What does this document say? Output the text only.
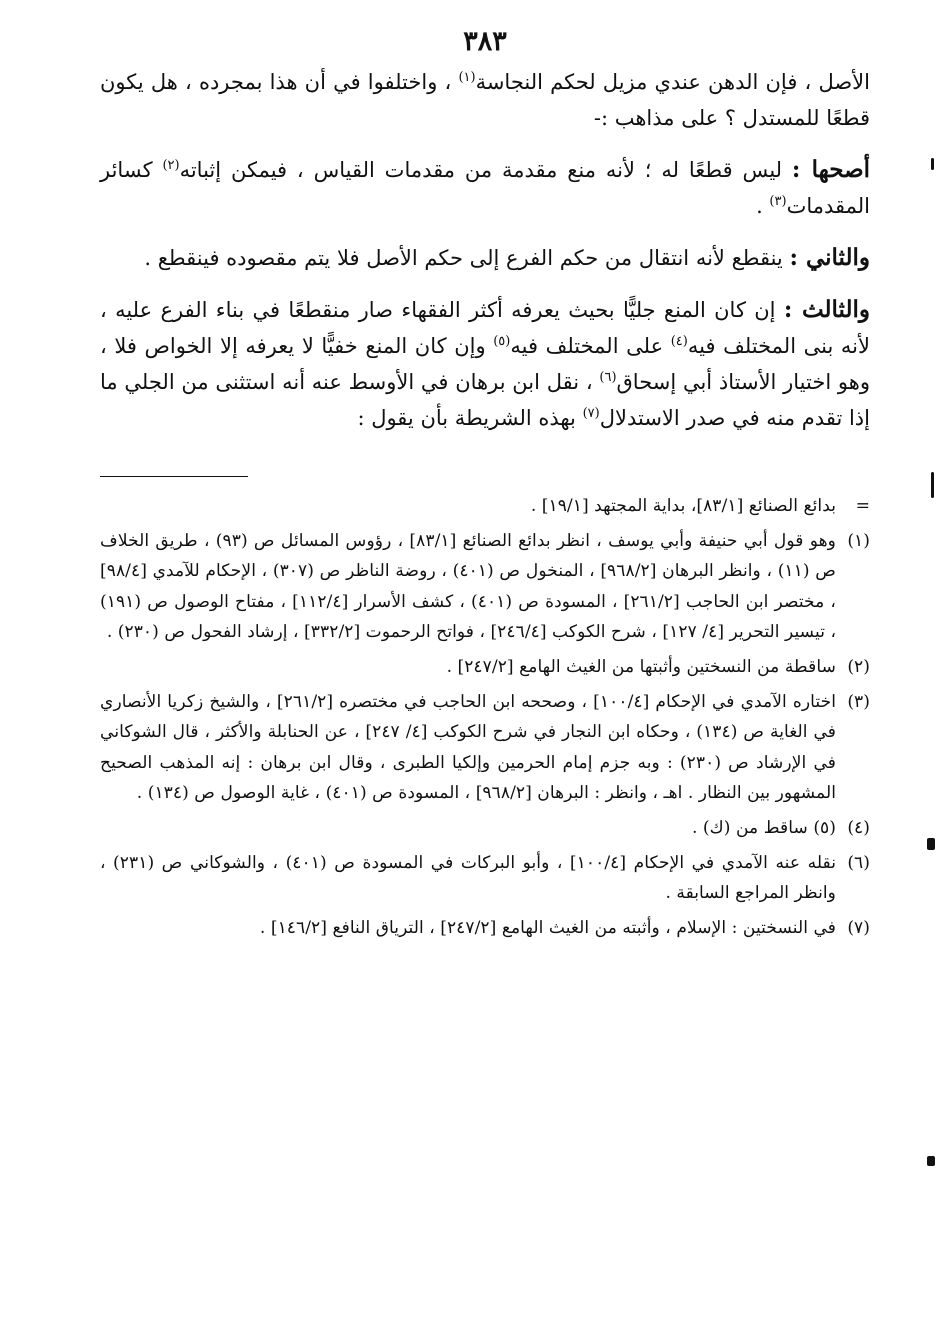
٣٨٣

الأصل ، فإن الدهن عندي مزيل لحكم النجاسة$^{(١)}$ ، واختلفوا في أن هذا بمجرده ، هل يكون قطعًا للمستدل ؟ على مذاهب :-

أصحها : ليس قطعًا له ؛ لأنه منع مقدمة من مقدمات القياس ، فيمكن إثباته$^{(٢)}$ كسائر المقدمات$^{(٣)}$ .

والثاني : ينقطع لأنه انتقال من حكم الفرع إلى حكم الأصل فلا يتم مقصوده فينقطع .

والثالث : إن كان المنع جليًّا بحيث يعرفه أكثر الفقهاء صار منقطعًا في بناء الفرع عليه ، لأنه بنى المختلف فيه$^{(٤)}$ على المختلف فيه$^{(٥)}$ وإن كان المنع خفيًّا لا يعرفه إلا الخواص فلا ، وهو اختيار الأستاذ أبي إسحاق$^{(٦)}$ ، نقل ابن برهان في الأوسط عنه أنه استثنى من الجلي ما إذا تقدم منه في صدر الاستدلال$^{(٧)}$ بهذه الشريطة بأن يقول :

=
بدائع الصنائع [٨٣/١]، بداية المجتهد [١٩/١] .
(١)
وهو قول أبي حنيفة وأبي يوسف ، انظر بدائع الصنائع [٨٣/١] ، رؤوس المسائل ص (٩٣) ، طريق الخلاف ص (١١) ، وانظر البرهان [٩٦٨/٢] ، المنخول ص (٤٠١) ، روضة الناظر ص (٣٠٧) ، الإحكام للآمدي [٩٨/٤] ، مختصر ابن الحاجب [٢٦١/٢] ، المسودة ص (٤٠١) ، كشف الأسرار [١١٢/٤] ، مفتاح الوصول ص (١٩١) ، تيسير التحرير [٤/ ١٢٧] ، شرح الكوكب [٢٤٦/٤] ، فواتح الرحموت [٣٣٢/٢] ، إرشاد الفحول ص (٢٣٠) .
(٢)
ساقطة من النسختين وأثبتها من الغيث الهامع [٢٤٧/٢] .
(٣)
اختاره الآمدي في الإحكام [١٠٠/٤] ، وصححه ابن الحاجب في مختصره [٢٦١/٢] ، والشيخ زكريا الأنصاري في الغاية ص (١٣٤) ، وحكاه ابن النجار في شرح الكوكب [٤/ ٢٤٧] ، عن الحنابلة والأكثر ، قال الشوكاني في الإرشاد ص (٢٣٠) : وبه جزم إمام الحرمين وإلكيا الطبرى ، وقال ابن برهان : إنه المذهب الصحيح المشهور بين النظار . اهـ ، وانظر : البرهان [٩٦٨/٢] ، المسودة ص (٤٠١) ، غاية الوصول ص (١٣٤) .
(٤)
(٥) ساقط من (ك) .
(٦)
نقله عنه الآمدي في الإحكام [١٠٠/٤] ، وأبو البركات في المسودة ص (٤٠١) ، والشوكاني ص (٢٣١) ، وانظر المراجع السابقة .
(٧)
في النسختين : الإسلام ، وأثبته من الغيث الهامع [٢٤٧/٢] ، الترياق النافع [١٤٦/٢] .
